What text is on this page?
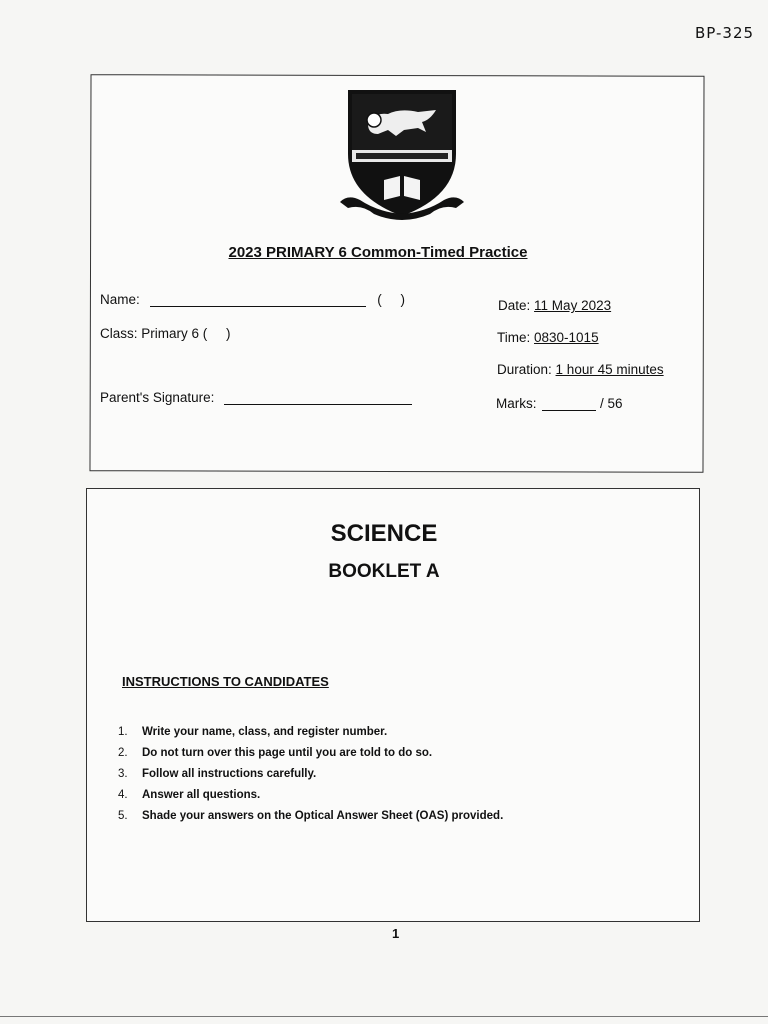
BP-325
2023 PRIMARY 6 Common-Timed Practice
Name:	(     )
Class: Primary 6 (     )
Parent's Signature:
Date: 11 May 2023
Time: 0830-1015
Duration: 1 hour 45 minutes
Marks:	/ 56
SCIENCE
BOOKLET A
INSTRUCTIONS TO CANDIDATES
1. Write your name, class, and register number.
2. Do not turn over this page until you are told to do so.
3. Follow all instructions carefully.
4. Answer all questions.
5. Shade your answers on the Optical Answer Sheet (OAS) provided.
1
